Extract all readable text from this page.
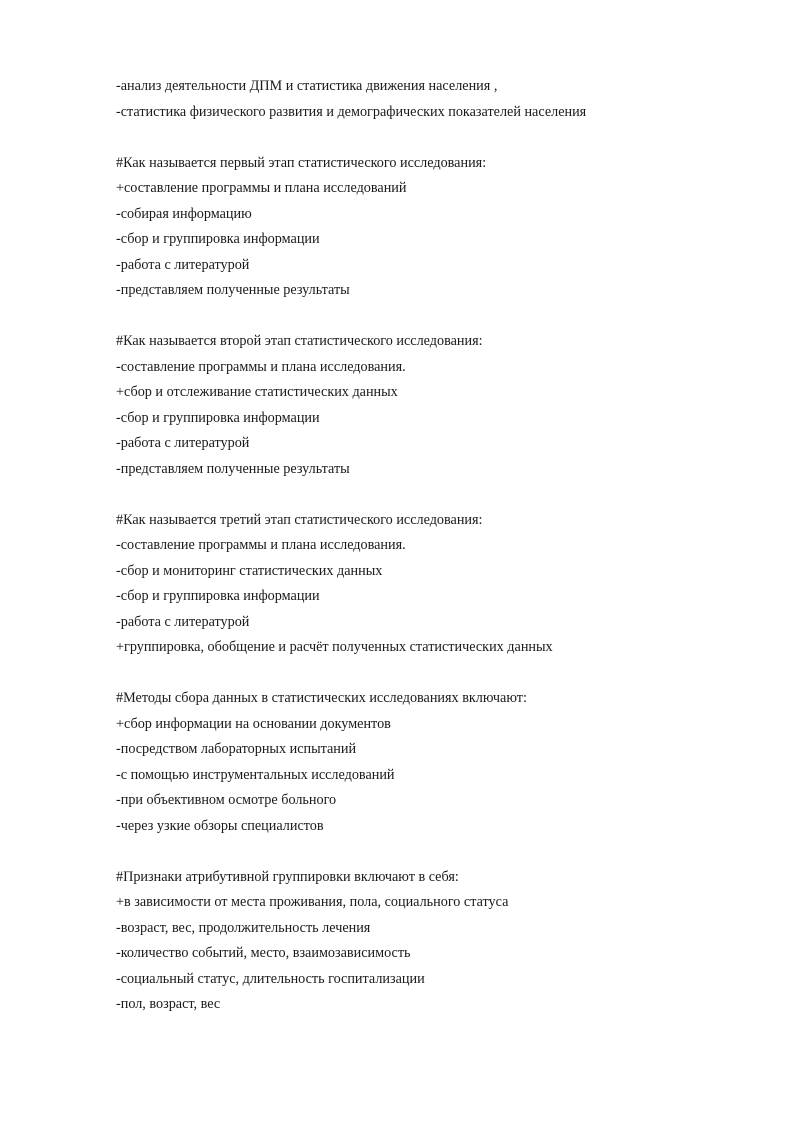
-анализ деятельности ДПМ и статистика движения населения ,
-статистика физического развития и демографических показателей населения
#Как называется первый этап статистического исследования:
+составление программы и плана исследований
-собирая информацию
-сбор и группировка информации
-работа с литературой
-представляем полученные результаты
#Как называется второй этап статистического исследования:
-составление программы и плана исследования.
+сбор и отслеживание статистических данных
-сбор и группировка информации
-работа с литературой
-представляем полученные результаты
#Как называется третий этап статистического исследования:
-составление программы и плана исследования.
-сбор и мониторинг статистических данных
-сбор и группировка информации
-работа с литературой
+группировка, обобщение и расчёт полученных статистических данных
#Методы сбора данных в статистических исследованиях включают:
+сбор информации на основании документов
-посредством лабораторных испытаний
-с помощью инструментальных исследований
-при объективном осмотре больного
-через узкие обзоры специалистов
#Признаки атрибутивной группировки включают в себя:
+в зависимости от места проживания, пола, социального статуса
-возраст, вес, продолжительность лечения
-количество событий, место, взаимозависимость
-социальный статус, длительность госпитализации
-пол, возраст, вес
